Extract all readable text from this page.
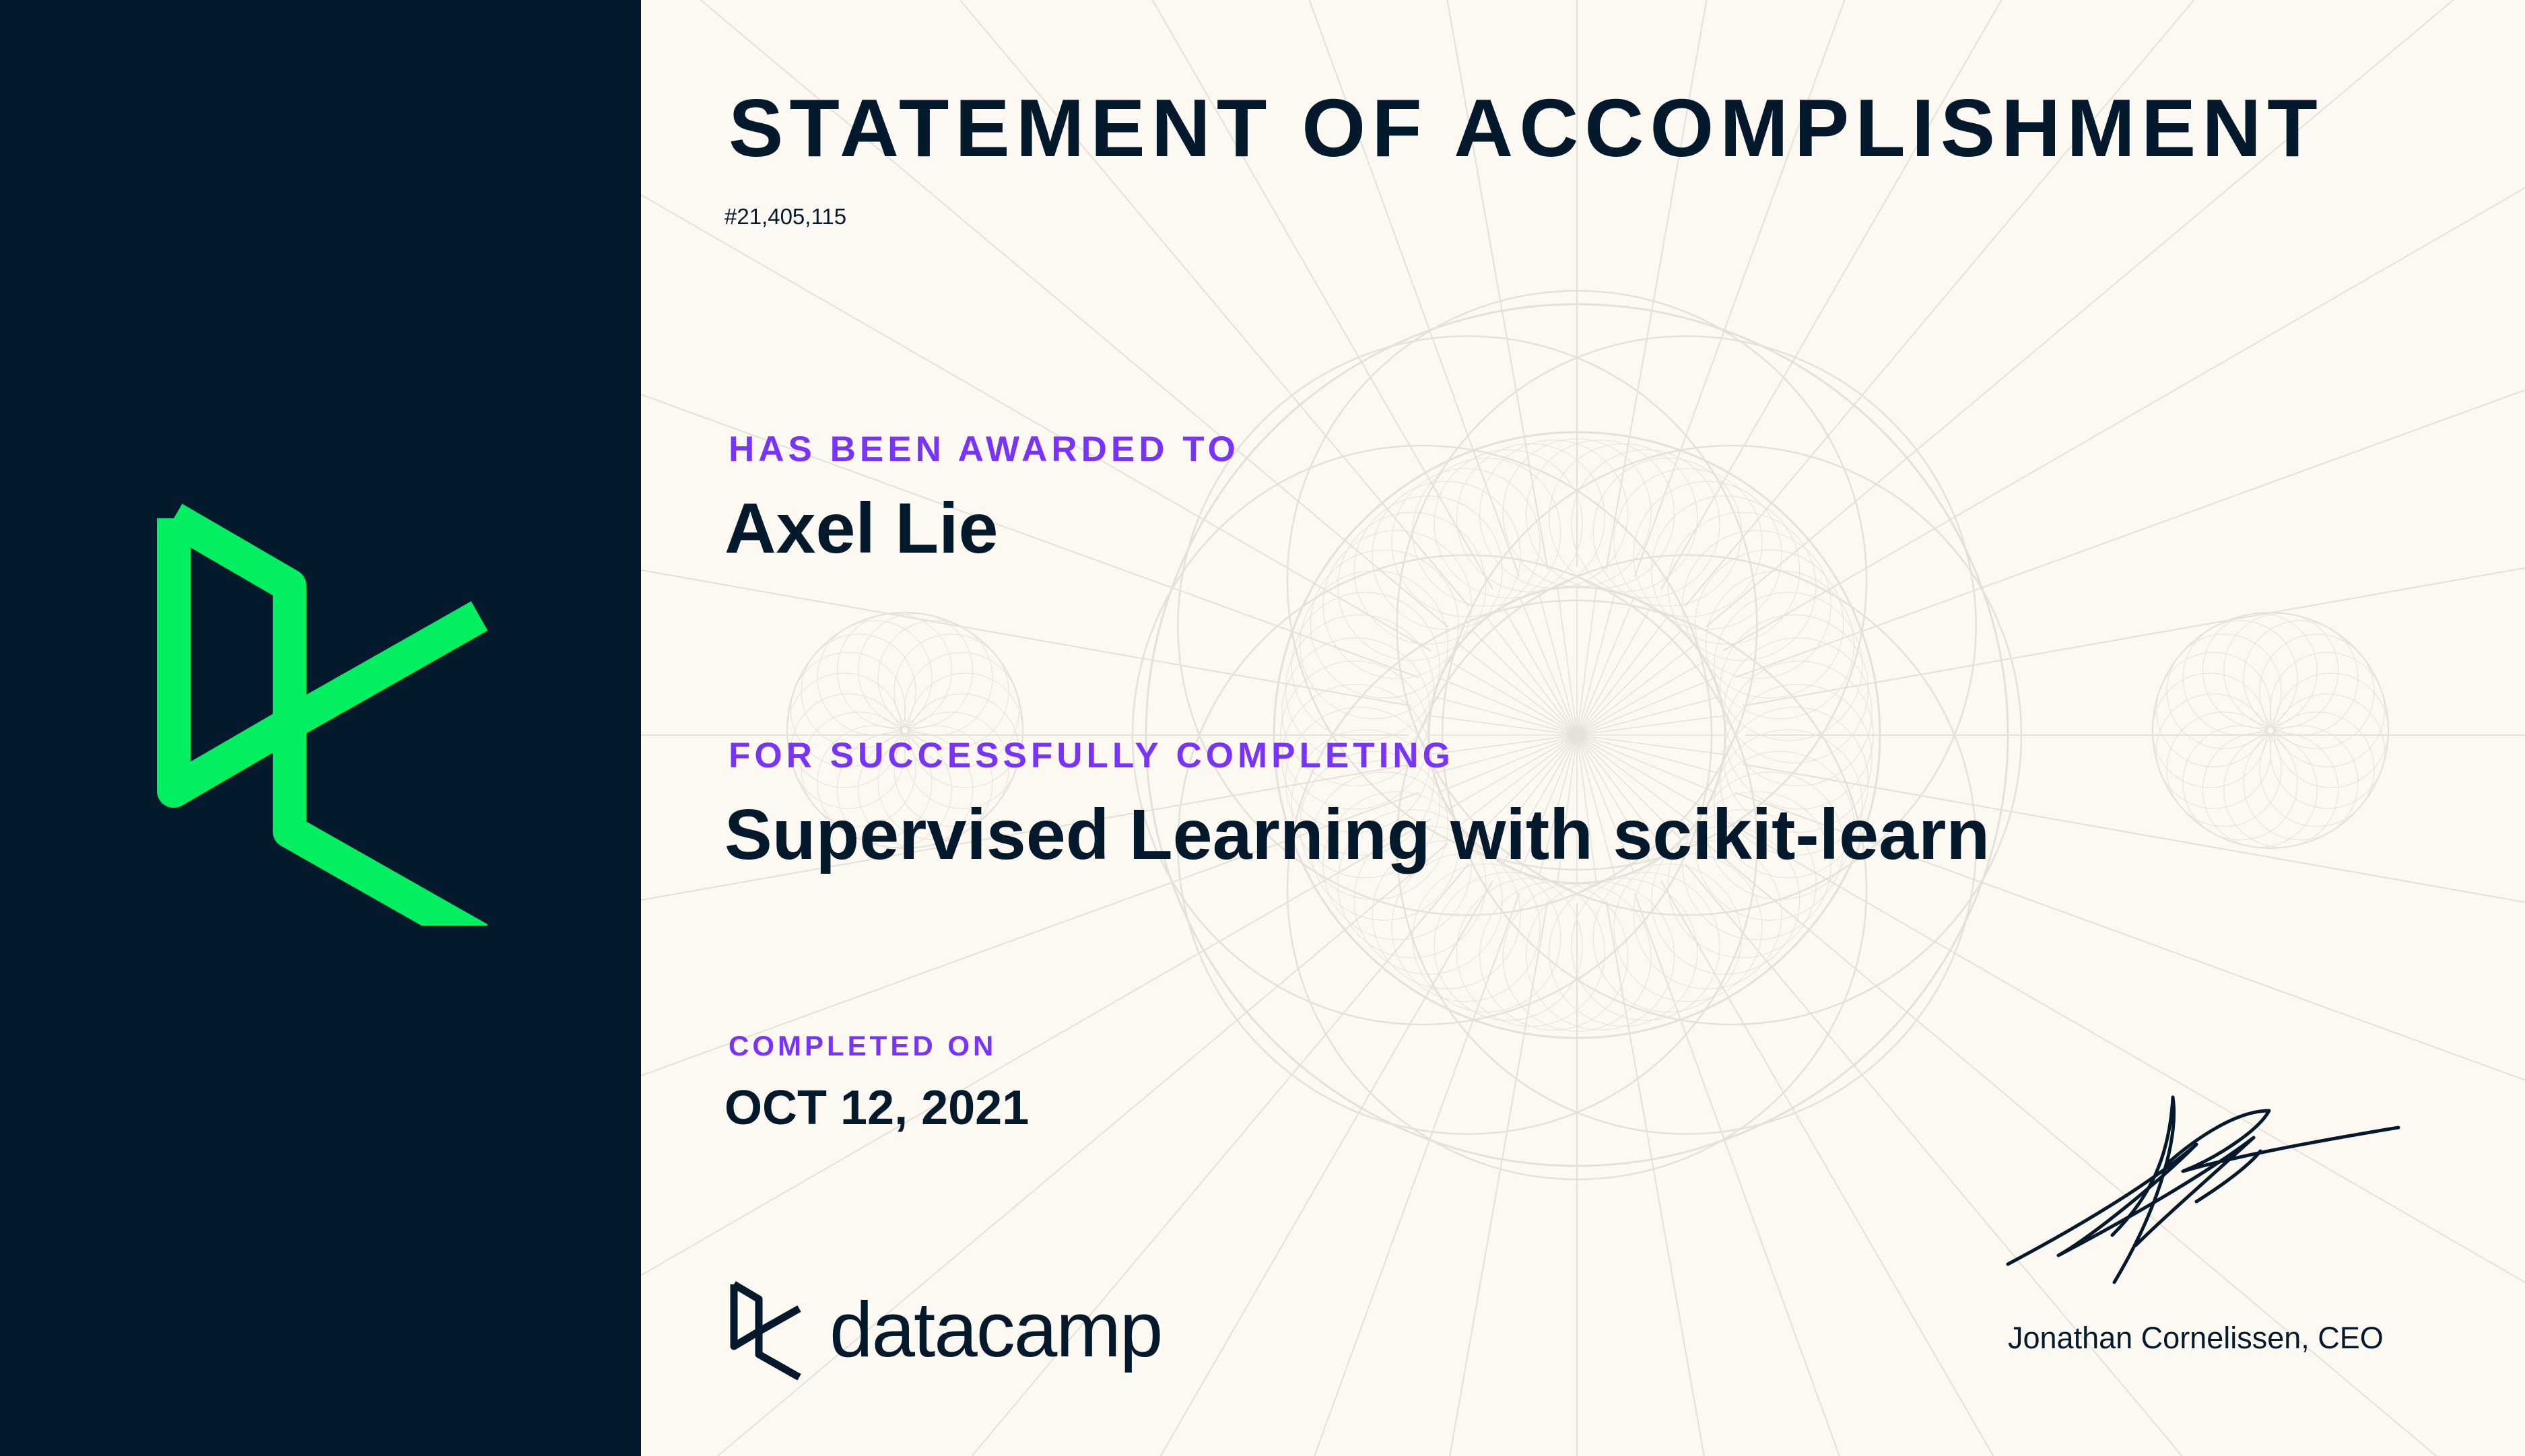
STATEMENT OF ACCOMPLISHMENT
#21,405,115
HAS BEEN AWARDED TO
Axel Lie
FOR SUCCESSFULLY COMPLETING
Supervised Learning with scikit-learn
COMPLETED ON
OCT 12, 2021
datacamp	Jonathan Cornelissen, CEO
